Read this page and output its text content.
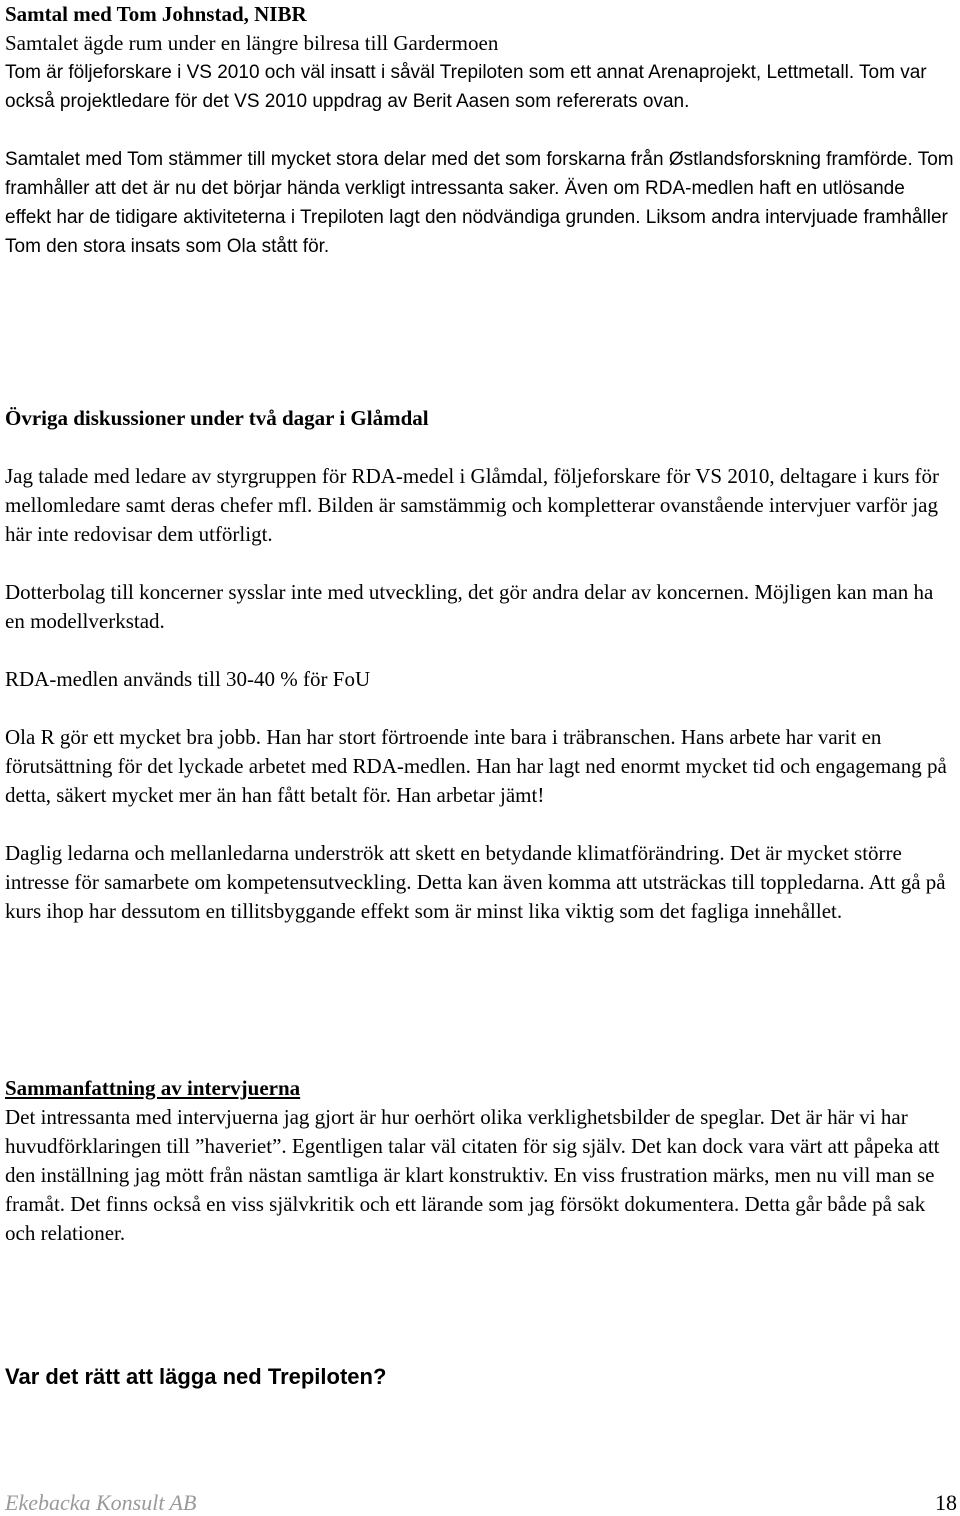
Samtal med Tom Johnstad, NIBR

Samtalet ägde rum under en längre bilresa till Gardermoen

Tom är följeforskare i VS 2010 och väl insatt i såväl Trepiloten som ett annat Arenaprojekt, Lettmetall. Tom var också projektledare för det VS 2010 uppdrag av Berit Aasen som refererats ovan.

Samtalet med Tom stämmer till mycket stora delar med det som forskarna från Østlandsforskning framförde. Tom framhåller att det är nu det börjar hända verkligt intressanta saker. Även om RDA-medlen haft en utlösande effekt har de tidigare aktiviteterna i Trepiloten lagt den nödvändiga grunden. Liksom andra intervjuade framhåller Tom den stora insats som Ola stått för.

Övriga diskussioner under två dagar i Glåmdal

Jag talade med ledare av styrgruppen för RDA-medel i Glåmdal, följeforskare för VS 2010, deltagare i kurs för mellomledare samt deras chefer mfl. Bilden är samstämmig och kompletterar ovanstående intervjuer varför jag här inte redovisar dem utförligt.

Dotterbolag till koncerner sysslar inte med utveckling, det gör andra delar av koncernen. Möjligen kan man ha en modellverkstad.

RDA-medlen används till 30-40 % för FoU

Ola R gör ett mycket bra jobb. Han har stort förtroende inte bara i träbranschen. Hans arbete har varit en förutsättning för det lyckade arbetet med RDA-medlen. Han har lagt ned enormt mycket tid och engagemang på detta, säkert mycket mer än han fått betalt för. Han arbetar jämt!

Daglig ledarna och mellanledarna underströk att skett en betydande klimatförändring. Det är mycket större intresse för samarbete om kompetensutveckling. Detta kan även komma att utsträckas till toppledarna. Att gå på kurs ihop har dessutom en tillitsbyggande effekt som är minst lika viktig som det fagliga innehållet.

Sammanfattning av intervjuerna

Det intressanta med intervjuerna jag gjort är hur oerhört olika verklighetsbilder de speglar. Det är här vi har huvudförklaringen till ”haveriet”. Egentligen talar väl citaten för sig själv. Det kan dock vara värt att påpeka att den inställning jag mött från nästan samtliga är klart konstruktiv. En viss frustration märks, men nu vill man se framåt. Det finns också en viss självkritik och ett lärande som jag försökt dokumentera. Detta går både på sak och relationer.

Var det rätt att lägga ned Trepiloten?

Ekebacka Konsult AB	18
